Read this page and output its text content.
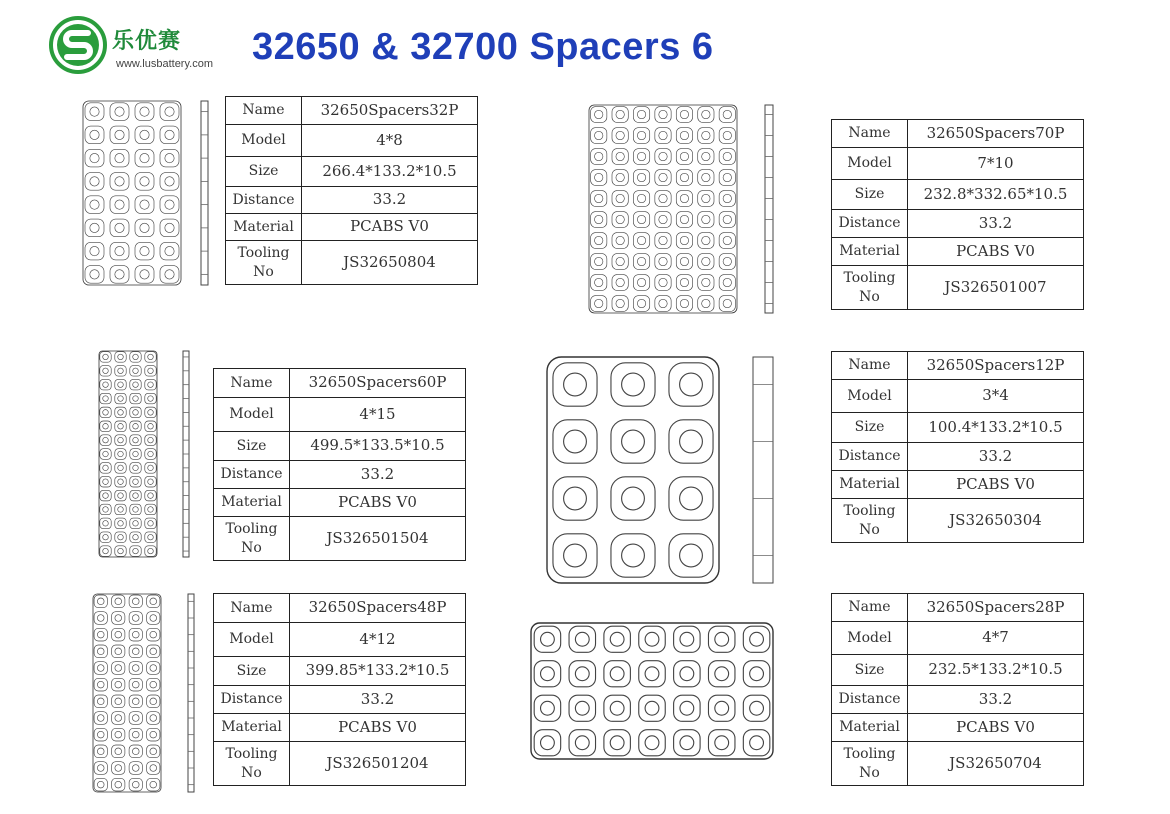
乐优赛
www.lusbattery.com 32650 & 32700 Spacers 6
Name	32650Spacers32P
Model	4*8
Size	266.4*133.2*10.5
Distance	33.2
Material	PCABS V0
Tooling
No	JS32650804
Name	32650Spacers70P
Model	7*10
Size	232.8*332.65*10.5
Distance	33.2
Material	PCABS V0
Tooling
No	JS326501007
Name	32650Spacers60P
Model	4*15
Size	499.5*133.5*10.5
Distance	33.2
Material	PCABS V0
Tooling
No	JS326501504
Name	32650Spacers12P
Model	3*4
Size	100.4*133.2*10.5
Distance	33.2
Material	PCABS V0
Tooling
No	JS32650304
Name	32650Spacers48P
Model	4*12
Size	399.85*133.2*10.5
Distance	33.2
Material	PCABS V0
Tooling
No	JS326501204
Name	32650Spacers28P
Model	4*7
Size	232.5*133.2*10.5
Distance	33.2
Material	PCABS V0
Tooling
No	JS32650704
